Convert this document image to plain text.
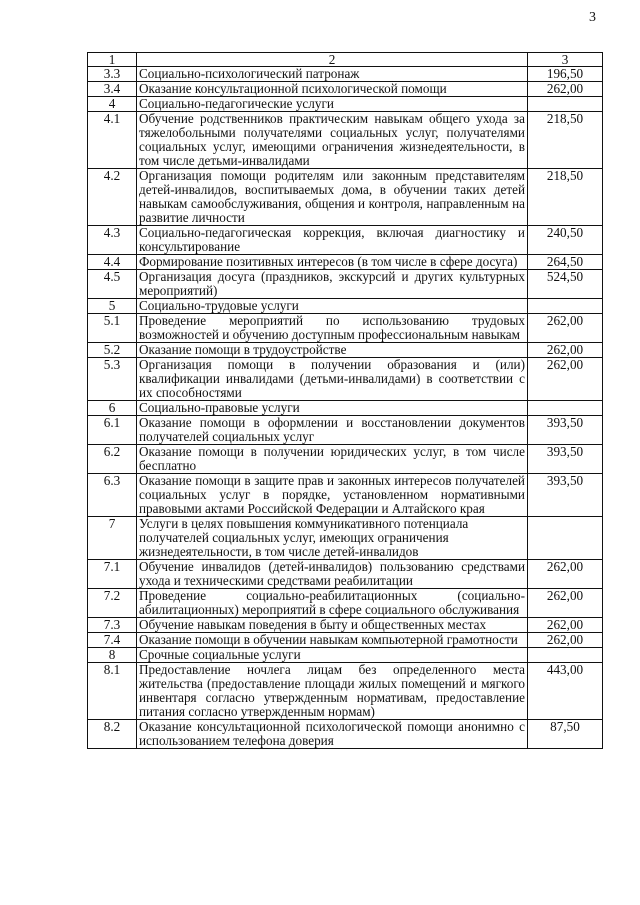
3
1	2	3
3.3	Социально-психологический патронаж	196,50
3.4	Оказание консультационной психологической помощи	262,00
4	Социально-педагогические услуги	
4.1	Обучение родственников практическим навыкам общего ухода за тяжелобольными получателями социальных услуг, получателями социальных услуг, имеющими ограничения жизнедеятельности, в том числе детьми-инвалидами	218,50
4.2	Организация помощи родителям или законным представителям детей-инвалидов, воспитываемых дома, в обучении таких детей навыкам самообслуживания, общения и контроля, направленным на развитие личности	218,50
4.3	Социально-педагогическая коррекция, включая диагностику и консультирование	240,50
4.4	Формирование позитивных интересов (в том числе в сфере досуга)	264,50
4.5	Организация досуга (праздников, экскурсий и других культурных мероприятий)	524,50
5	Социально-трудовые услуги	
5.1	Проведение мероприятий по использованию трудовых возможностей и обучению доступным профессиональным навыкам	262,00
5.2	Оказание помощи в трудоустройстве	262,00
5.3	Организация помощи в получении образования и (или) квалификации инвалидами (детьми-инвалидами) в соответствии с их способностями	262,00
6	Социально-правовые услуги	
6.1	Оказание помощи в оформлении и восстановлении документов получателей социальных услуг	393,50
6.2	Оказание помощи в получении юридических услуг, в том числе бесплатно	393,50
6.3	Оказание помощи в защите прав и законных интересов получателей социальных услуг в порядке, установленном нормативными правовыми актами Российской Федерации и Алтайского края	393,50
7	Услуги в целях повышения коммуникативного потенциала получателей социальных услуг, имеющих ограничения жизнедеятельности, в том числе детей-инвалидов	
7.1	Обучение инвалидов (детей-инвалидов) пользованию средствами ухода и техническими средствами реабилитации	262,00
7.2	Проведение социально-реабилитационных (социально-абилитационных) мероприятий в сфере социального обслуживания	262,00
7.3	Обучение навыкам поведения в быту и общественных местах	262,00
7.4	Оказание помощи в обучении навыкам компьютерной грамотности	262,00
8	Срочные социальные услуги	
8.1	Предоставление ночлега лицам без определенного места жительства (предоставление площади жилых помещений и мягкого инвентаря согласно утвержденным нормативам, предоставление питания согласно утвержденным нормам)	443,00
8.2	Оказание консультационной психологической помощи анонимно с использованием телефона доверия	87,50
